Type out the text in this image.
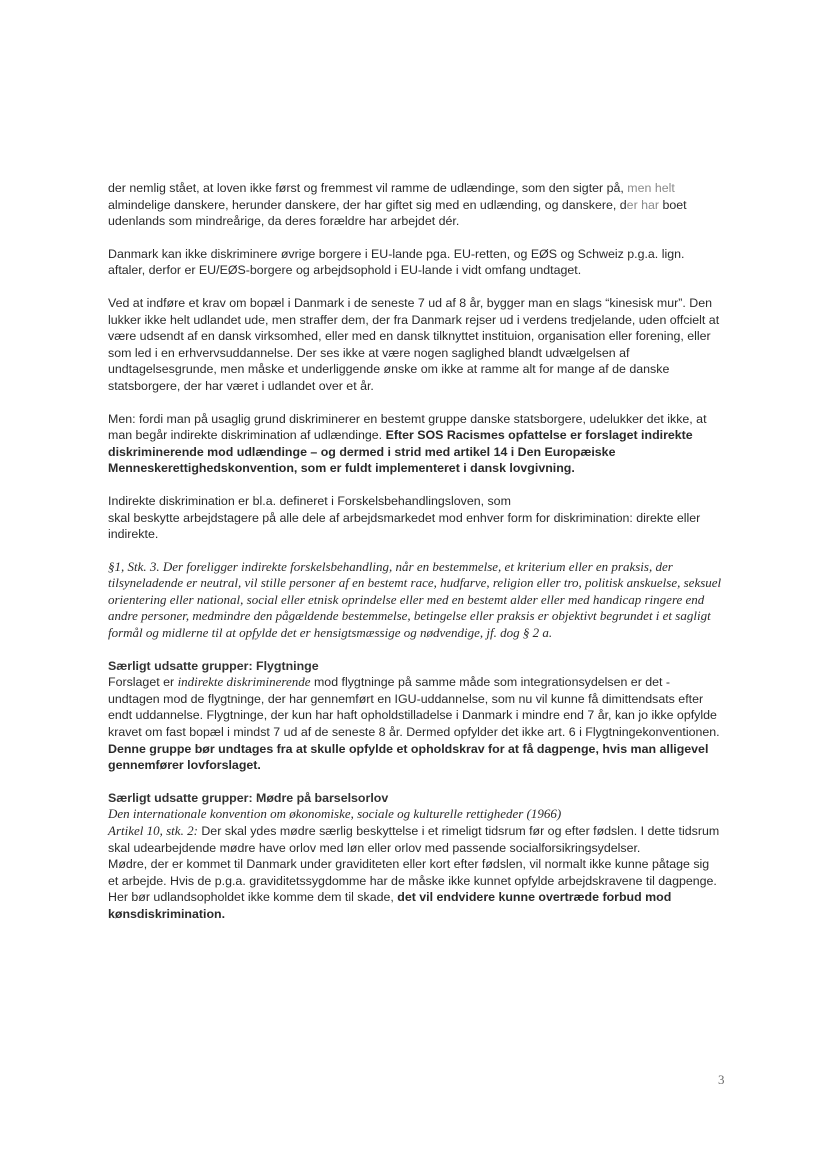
der nemlig stået, at loven ikke først og fremmest vil ramme de udlændinge, som den sigter på, men helt almindelige danskere, herunder danskere, der har giftet sig med en udlænding, og danskere, der har boet udenlands som mindreårige, da deres forældre har arbejdet dér.

Danmark kan ikke diskriminere øvrige borgere i EU-lande pga. EU-retten, og EØS og Schweiz p.g.a. lign. aftaler, derfor er EU/EØS-borgere og arbejdsophold i EU-lande i vidt omfang undtaget.

Ved at indføre et krav om bopæl i Danmark i de seneste 7 ud af 8 år, bygger man en slags “kinesisk mur”. Den lukker ikke helt udlandet ude, men straffer dem, der fra Danmark rejser ud i verdens tredjelande, uden offcielt at være udsendt af en dansk virksomhed, eller med en dansk tilknyttet instituion, organisation eller forening, eller som led i en erhvervsuddannelse. Der ses ikke at være nogen saglighed blandt udvælgelsen af undtagelsesgrunde, men måske et underliggende ønske om ikke at ramme alt for mange af de danske statsborgere, der har været i udlandet over et år.

Men: fordi man på usaglig grund diskriminerer en bestemt gruppe danske statsborgere, udelukker det ikke, at man begår indirekte diskrimination af udlændinge. Efter SOS Racismes opfattelse er forslaget indirekte diskriminerende mod udlændinge – og dermed i strid med artikel 14 i Den Europæiske Menneskerettighedskonvention, som er fuldt implementeret i dansk lovgivning.

Indirekte diskrimination er bl.a. defineret i Forskelsbehandlingsloven, som
skal beskytte arbejdstagere på alle dele af arbejdsmarkedet mod enhver form for diskrimination: direkte eller indirekte.

§1, Stk. 3. Der foreligger indirekte forskelsbehandling, når en bestemmelse, et kriterium eller en praksis, der tilsyneladende er neutral, vil stille personer af en bestemt race, hudfarve, religion eller tro, politisk anskuelse, seksuel orientering eller national, social eller etnisk oprindelse eller med en bestemt alder eller med handicap ringere end andre personer, medmindre den pågældende bestemmelse, betingelse eller praksis er objektivt begrundet i et sagligt formål og midlerne til at opfylde det er hensigtsmæssige og nødvendige, jf. dog § 2 a.

Særligt udsatte grupper: Flygtninge
Forslaget er indirekte diskriminerende mod flygtninge på samme måde som integrationsydelsen er det - undtagen mod de flygtninge, der har gennemført en IGU-uddannelse, som nu vil kunne få dimittendsats efter endt uddannelse. Flygtninge, der kun har haft opholdstilladelse i Danmark i mindre end 7 år, kan jo ikke opfylde kravet om fast bopæl i mindst 7 ud af de seneste 8 år. Dermed opfylder det ikke art. 6 i Flygtningekonventionen. Denne gruppe bør undtages fra at skulle opfylde et opholdskrav for at få dagpenge, hvis man alligevel gennemfører lovforslaget.

Særligt udsatte grupper: Mødre på barselsorlov
Den internationale konvention om økonomiske, sociale og kulturelle rettigheder (1966)
Artikel 10, stk. 2: Der skal ydes mødre særlig beskyttelse i et rimeligt tidsrum før og efter fødslen. I dette tidsrum skal udearbejdende mødre have orlov med løn eller orlov med passende socialforsikringsydelser.
Mødre, der er kommet til Danmark under graviditeten eller kort efter fødslen, vil normalt ikke kunne påtage sig et arbejde. Hvis de p.g.a. graviditetssygdomme har de måske ikke kunnet opfylde arbejdskravene til dagpenge. Her bør udlandsopholdet ikke komme dem til skade, det vil endvidere kunne overtræde forbud mod kønsdiskrimination.

3
